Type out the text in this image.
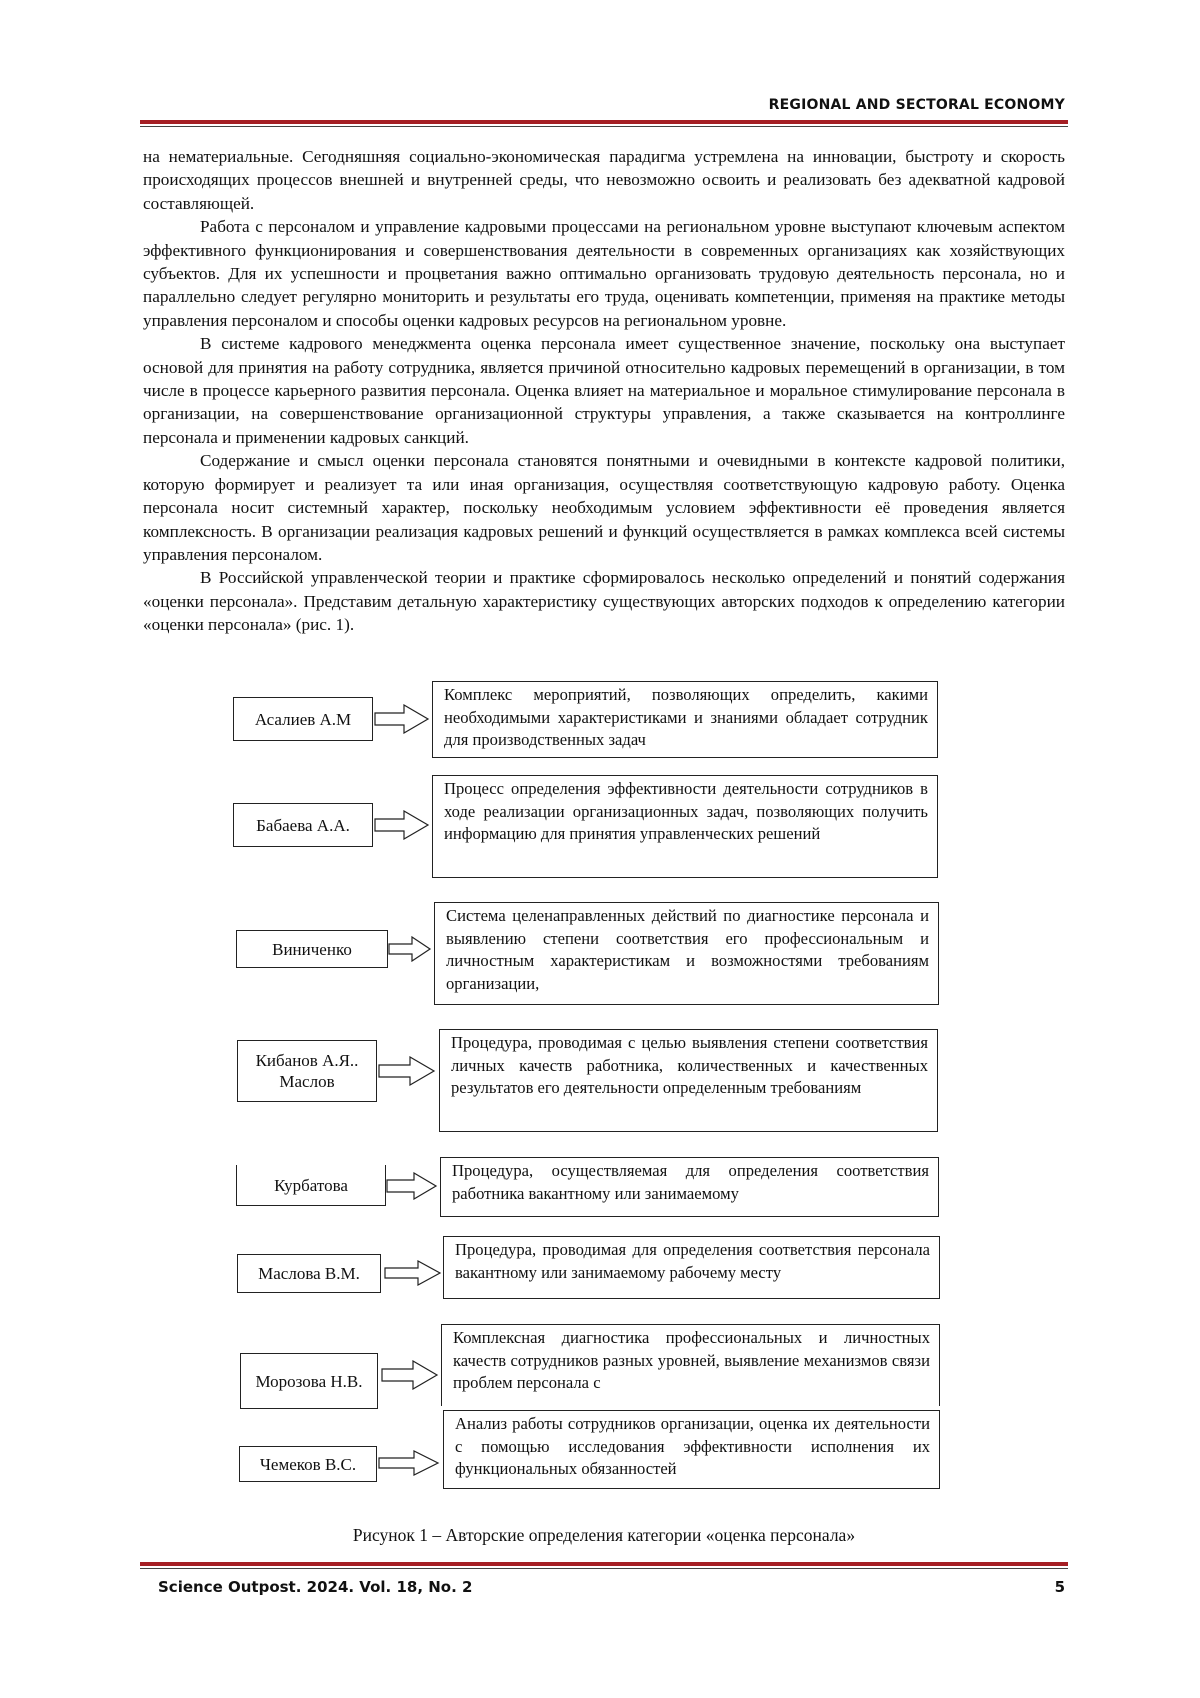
REGIONAL AND SECTORAL ECONOMY

на нематериальные. Сегодняшняя социально-экономическая парадигма устремлена на инновации, быстроту и скорость происходящих процессов внешней и внутренней среды, что невозможно освоить и реализовать без адекватной кадровой составляющей.

Работа с персоналом и управление кадровыми процессами на региональном уровне выступают ключевым аспектом эффективного функционирования и совершенствования деятельности в современных организациях как хозяйствующих субъектов. Для их успешности и процветания важно оптимально организовать трудовую деятельность персонала, но и параллельно следует регулярно мониторить и результаты его труда, оценивать компетенции, применяя на практике методы управления персоналом и способы оценки кадровых ресурсов на региональном уровне.

В системе кадрового менеджмента оценка персонала имеет существенное значение, поскольку она выступает основой для принятия на работу сотрудника, является причиной относительно кадровых перемещений в организации, в том числе в процессе карьерного развития персонала. Оценка влияет на материальное и моральное стимулирование персонала в организации, на совершенствование организационной структуры управления, а также сказывается на контроллинге персонала и применении кадровых санкций.

Содержание и смысл оценки персонала становятся понятными и очевидными в контексте кадровой политики, которую формирует и реализует та или иная организация, осуществляя соответствующую кадровую работу. Оценка персонала носит системный характер, поскольку необходимым условием эффективности её проведения является комплексность. В организации реализация кадровых решений и функций осуществляется в рамках комплекса всей системы управления персоналом.

В Российской управленческой теории и практике сформировалось несколько определений и понятий содержания «оценки персонала». Представим детальную характеристику существующих авторских подходов к определению категории «оценки персонала» (рис. 1).

Асалиев А.М
Комплекс мероприятий, позволяющих определить, какими необходимыми характеристиками и знаниями обладает сотрудник для производственных задач
Бабаева А.А.
Процесс определения эффективности деятельности сотрудников в ходе реализации организационных задач, позволяющих получить информацию для принятия управленческих решений
Виниченко
Система целенаправленных действий по диагностике персонала и выявлению степени соответствия его профессиональным и личностным характеристикам и возможностями требованиям организации,
Кибанов А.Я.. Маслов
Процедура, проводимая с целью выявления степени соответствия личных качеств работника, количественных и качественных результатов его деятельности определенным требованиям
Курбатова
Процедура, осуществляемая для определения соответствия работника вакантному или занимаемому
Маслова В.М.
Процедура, проводимая для определения соответствия персонала вакантному или занимаемому рабочему месту
Морозова Н.В.
Комплексная диагностика профессиональных и личностных качеств сотрудников разных уровней, выявление механизмов связи проблем персонала с
Чемеков В.С.
Анализ работы сотрудников организации, оценка их деятельности с помощью исследования эффективности исполнения их функциональных обязанностей
Рисунок 1 – Авторские определения категории «оценка персонала»
Science Outpost. 2024. Vol. 18, No. 2	5
